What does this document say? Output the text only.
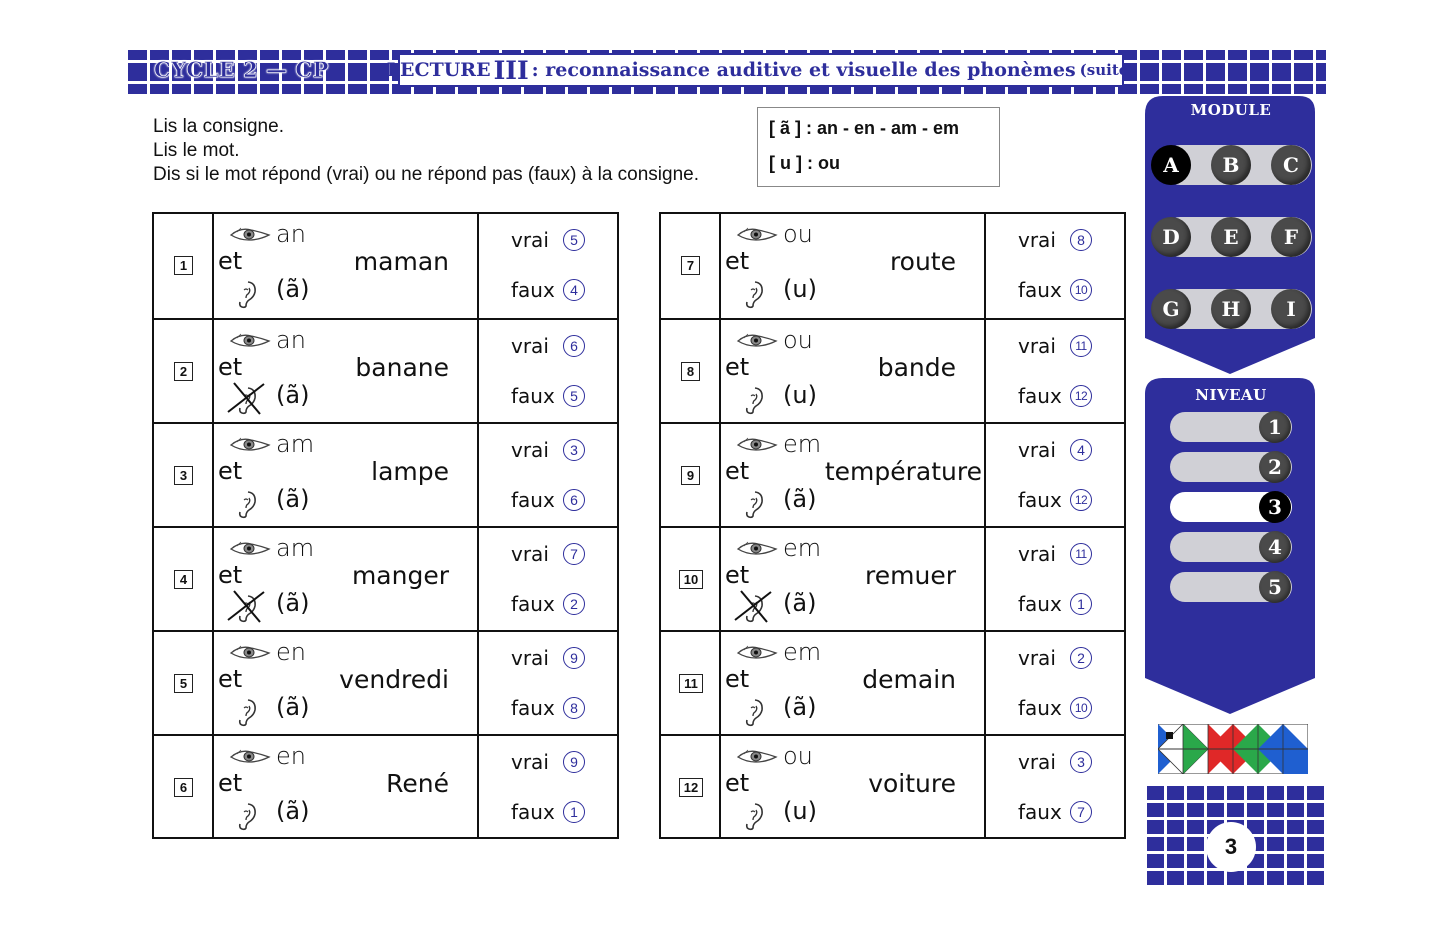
CYCLE 2 — CP	LECTURE III : reconnaissance auditive et visuelle des phonèmes (suite)
Lis la consigne.
Lis le mot.
Dis si le mot répond (vrai) ou ne répond pas (faux) à la consigne.
[ ã ] : an - en - am - em
[ u ] : ou
1
an
et	maman
(ã)
vrai	5
faux	4
2
an
et	banane
(ã)
vrai	6
faux	5
3
am
et	lampe
(ã)
vrai	3
faux	6
4
am
et	manger
(ã)
vrai	7
faux	2
5
en
et	vendredi
(ã)
vrai	9
faux	8
6
en
et	René
(ã)
vrai	9
faux	1
7
ou
et	route
(u)
vrai	8
faux	10
8
ou
et	bande
(u)
vrai	11
faux	12
9
em
et	température
(ã)
vrai	4
faux	12
10
em
et	remuer
(ã)
vrai	11
faux	1
11
em
et	demain
(ã)
vrai	2
faux	10
12
ou
et	voiture
(u)
vrai	3
faux	7
MODULE
A	B	C
D	E	F
G	H	I
NIVEAU
1
2
3
4
5
3
